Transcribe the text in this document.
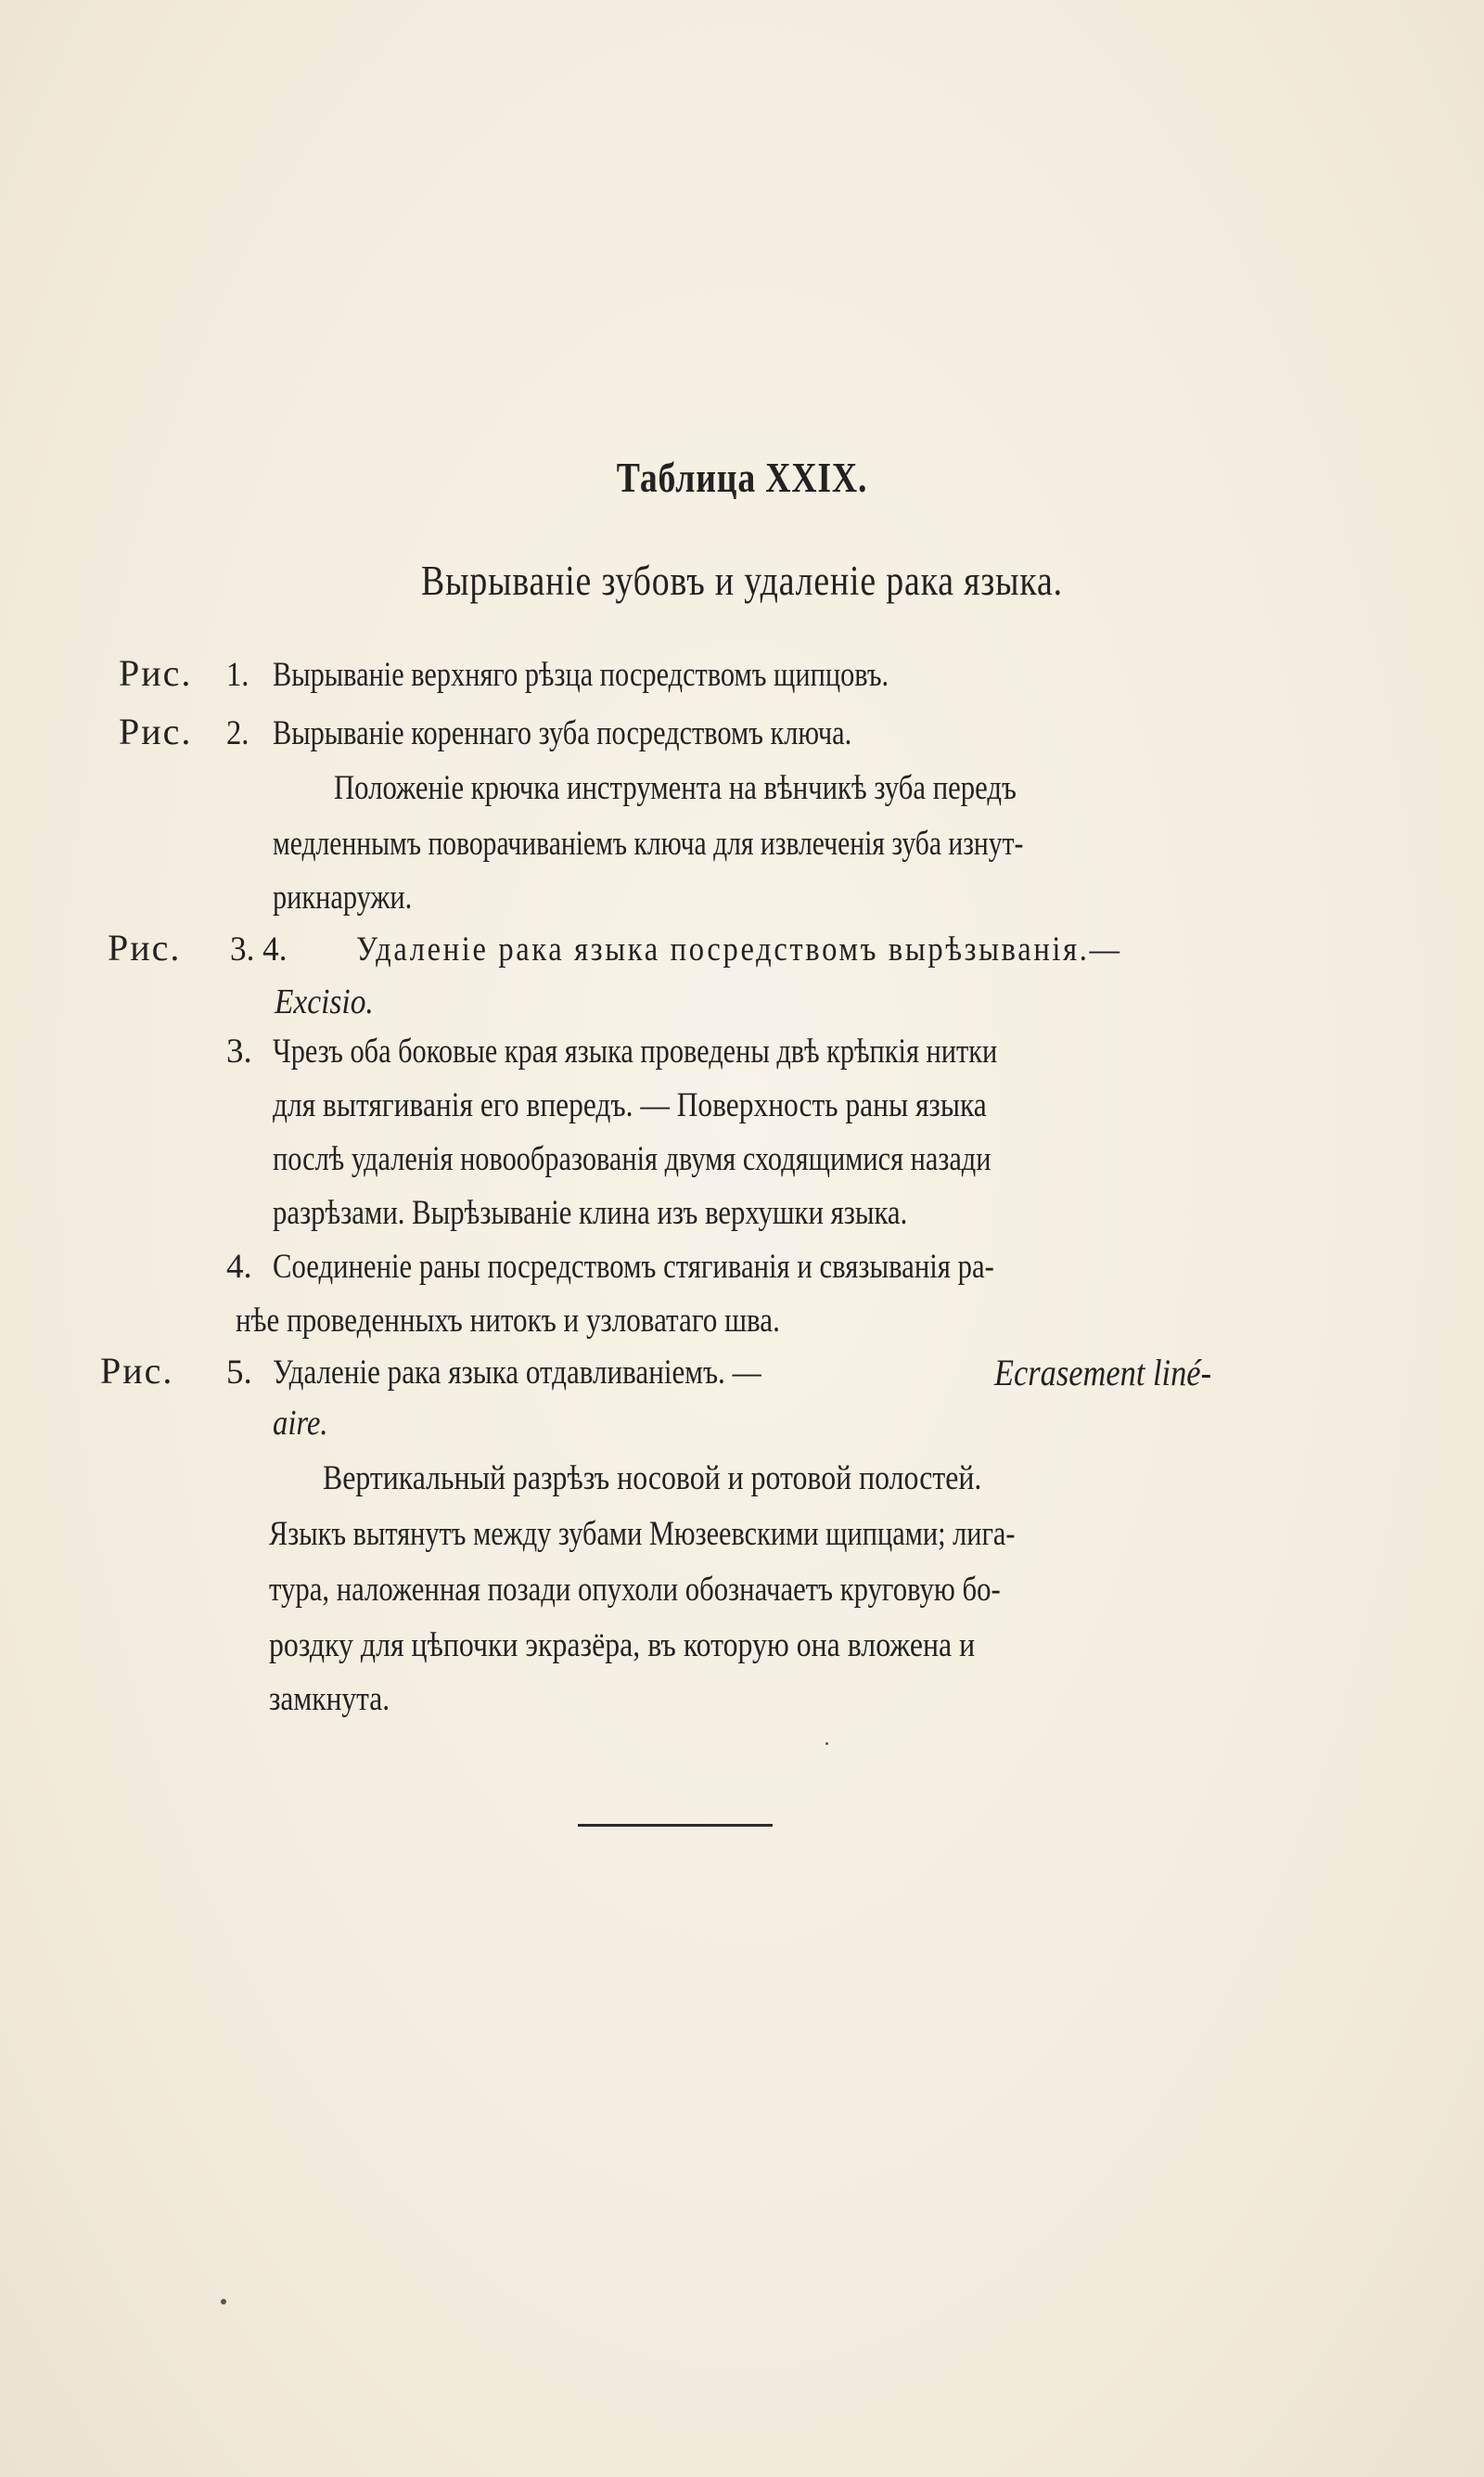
Таблица XXIX.
Вырываніе зубовъ и удаленіе рака языка.
Рис. 1. Вырываніе верхняго рѣзца посредствомъ щипцовъ.
Рис. 2. Вырываніе кореннаго зуба посредствомъ ключа.
Положеніе крючка инструмента на вѣнчикѣ зуба передъ
медленнымъ поворачиваніемъ ключа для извлеченія зуба изнут-
рикнаружи.
Рис. 3. 4. Удаленіе рака языка посредствомъ вырѣзыванія.—
Excisio.
3. Чрезъ оба боковые края языка проведены двѣ крѣпкія нитки
для вытягиванія его впередъ. — Поверхность раны языка
послѣ удаленія новообразованія двумя сходящимися назади
разрѣзами. Вырѣзываніе клина изъ верхушки языка.
4. Соединеніе раны посредствомъ стягиванія и связыванія ра-
нѣе проведенныхъ нитокъ и узловатаго шва.
Рис. 5. Удаленіе рака языка отдавливаніемъ. —	Ecrasement liné-
aire.
Вертикальный разрѣзъ носовой и ротовой полостей.
Языкъ вытянутъ между зубами Мюзеевскими щипцами; лига-
тура, наложенная позади опухоли обозначаетъ круговую бо-
роздку для цѣпочки экразёра, въ которую она вложена и
замкнута.
